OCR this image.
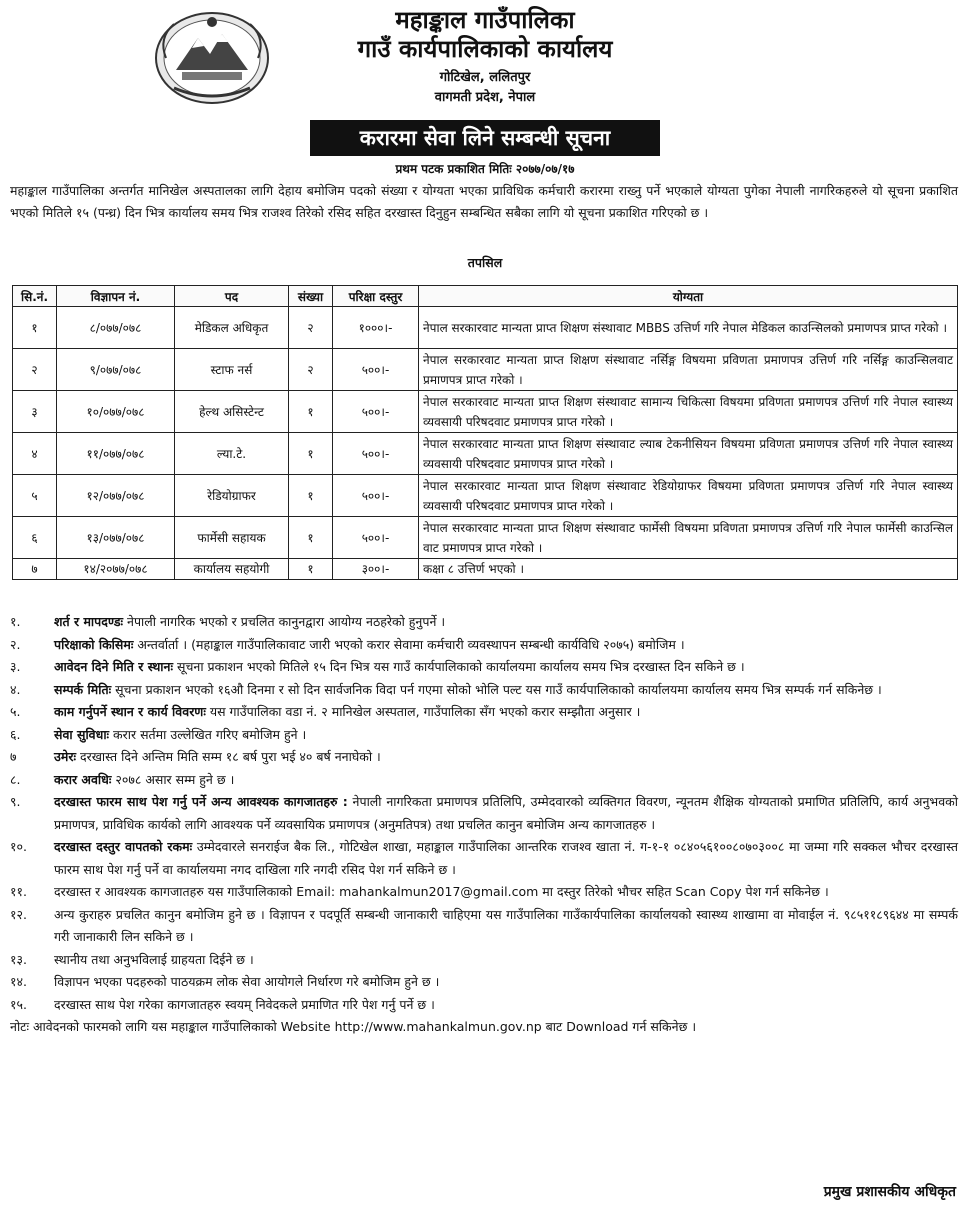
महाङ्काल गाउँपालिका
गाउँ कार्यपालिकाको कार्यालय
गोटिखेल, ललितपुर
वागमती प्रदेश, नेपाल
करारमा सेवा लिने सम्बन्धी सूचना
प्रथम पटक प्रकाशित मितिः २०७७/०७/१७
महाङ्काल गाउँपालिका अन्तर्गत मानिखेल अस्पतालका लागि देहाय बमोजिम पदको संख्या र योग्यता भएका प्राविधिक कर्मचारी करारमा राख्नु पर्ने भएकाले योग्यता पुगेका नेपाली नागरिकहरुले यो सूचना प्रकाशित भएको मितिले १५ (पन्ध्र) दिन भित्र कार्यालय समय भित्र राजश्व तिरेको रसिद सहित दरखास्त दिनुहुन सम्बन्धित सबैका लागि यो सूचना प्रकाशित गरिएको छ ।
तपसिल
सि.नं.	विज्ञापन नं.	पद	संख्या	परिक्षा दस्तुर	योग्यता
१	८/०७७/०७८	मेडिकल अधिकृत	२	१०००।-	नेपाल सरकारवाट मान्यता प्राप्त शिक्षण संस्थावाट MBBS उत्तिर्ण गरि नेपाल मेडिकल काउन्सिलको प्रमाणपत्र प्राप्त गरेको ।
२	९/०७७/०७८	स्टाफ नर्स	२	५००।-	नेपाल सरकारवाट मान्यता प्राप्त शिक्षण संस्थावाट नर्सिङ्ग विषयमा प्रविणता प्रमाणपत्र उत्तिर्ण गरि नर्सिङ्ग काउन्सिलवाट प्रमाणपत्र प्राप्त गरेको ।
३	१०/०७७/०७८	हेल्थ असिस्टेन्ट	१	५००।-	नेपाल सरकारवाट मान्यता प्राप्त शिक्षण संस्थावाट सामान्य चिकित्सा विषयमा प्रविणता प्रमाणपत्र उत्तिर्ण गरि नेपाल स्वास्थ्य व्यवसायी परिषदवाट प्रमाणपत्र प्राप्त गरेको ।
४	११/०७७/०७८	ल्या.टे.	१	५००।-	नेपाल सरकारवाट मान्यता प्राप्त शिक्षण संस्थावाट ल्याब टेकनीसियन विषयमा प्रविणता प्रमाणपत्र उत्तिर्ण गरि नेपाल स्वास्थ्य व्यवसायी परिषदवाट प्रमाणपत्र प्राप्त गरेको ।
५	१२/०७७/०७८	रेडियोग्राफर	१	५००।-	नेपाल सरकारवाट मान्यता प्राप्त शिक्षण संस्थावाट रेडियोग्राफर विषयमा प्रविणता प्रमाणपत्र उत्तिर्ण गरि नेपाल स्वास्थ्य व्यवसायी परिषदवाट प्रमाणपत्र प्राप्त गरेको ।
६	१३/०७७/०७८	फार्मेसी सहायक	१	५००।-	नेपाल सरकारवाट मान्यता प्राप्त शिक्षण संस्थावाट फार्मेसी विषयमा प्रविणता प्रमाणपत्र उत्तिर्ण गरि नेपाल फार्मेसी काउन्सिल वाट प्रमाणपत्र प्राप्त गरेको ।
७	१४/२०७७/०७८	कार्यालय सहयोगी	१	३००।-	कक्षा ८ उत्तिर्ण भएको ।
१.	शर्त र मापदण्डः नेपाली नागरिक भएको र प्रचलित कानुनद्वारा आयोग्य नठहरेको हुनुपर्ने ।
२.	परिक्षाको किसिमः अन्तर्वार्ता । (महाङ्काल गाउँपालिकावाट जारी भएको करार सेवामा कर्मचारी व्यवस्थापन सम्बन्धी कार्यविधि २०७५) बमोजिम ।
३.	आवेदन दिने मिति र स्थानः सूचना प्रकाशन भएको मितिले १५ दिन भित्र यस गाउँ कार्यपालिकाको कार्यालयमा कार्यालय समय भित्र दरखास्त दिन सकिने छ ।
४.	सम्पर्क मितिः सूचना प्रकाशन भएको १६औ दिनमा र सो दिन सार्वजनिक विदा पर्न गएमा सोको भोलि पल्ट यस गाउँ कार्यपालिकाको कार्यालयमा कार्यालय समय भित्र सम्पर्क गर्न सकिनेछ ।
५.	काम गर्नुपर्ने स्थान र कार्य विवरणः यस गाउँपालिका वडा नं. २ मानिखेल अस्पताल, गाउँपालिका सँग भएको करार सम्झौता अनुसार ।
६.	सेवा सुविधाः करार सर्तमा उल्लेखित गरिए बमोजिम हुने ।
७	उमेरः दरखास्त दिने अन्तिम मिति सम्म १८ बर्ष पुरा भई ४० बर्ष ननाघेको ।
८.	करार अवधिः २०७८ असार सम्म हुने छ ।
९.	दरखास्त फारम साथ पेश गर्नु पर्ने अन्य आवश्यक कागजातहरु : नेपाली नागरिकता प्रमाणपत्र प्रतिलिपि, उम्मेदवारको व्यक्तिगत विवरण, न्यूनतम शैक्षिक योग्यताको प्रमाणित प्रतिलिपि, कार्य अनुभवको प्रमाणपत्र, प्राविधिक कार्यको लागि आवश्यक पर्ने व्यवसायिक प्रमाणपत्र (अनुमतिपत्र) तथा प्रचलित कानुन बमोजिम अन्य कागजातहरु ।
१०.	दरखास्त दस्तुर वापतको रकमः उम्मेदवारले सनराईज बैक लि., गोटिखेल शाखा, महाङ्काल गाउँपालिका आन्तरिक राजश्व खाता नं. ग-१-१ ०८४०५६१००८०७०३००८ मा जम्मा गरि सक्कल भौचर दरखास्त फारम साथ पेश गर्नु पर्ने वा कार्यालयमा नगद दाखिला गरि नगदी रसिद पेश गर्न सकिने छ ।
११.	दरखास्त र आवश्यक कागजातहरु यस गाउँपालिकाको Email: mahankalmun2017@gmail.com मा दस्तुर तिरेको भौचर सहित Scan Copy पेश गर्न सकिनेछ ।
१२.	अन्य कुराहरु प्रचलित कानुन बमोजिम हुने छ । विज्ञापन र पदपूर्ति सम्बन्धी जानाकारी चाहिएमा यस गाउँपालिका गाउँकार्यपालिका कार्यालयको स्वास्थ्य शाखामा वा मोवाईल नं. ९८५११८९६४४ मा सम्पर्क गरी जानाकारी लिन सकिने छ ।
१३.	स्थानीय तथा अनुभविलाई ग्राहयता दिईने छ ।
१४.	विज्ञापन भएका पदहरुको पाठयक्रम लोक सेवा आयोगले निर्धारण गरे बमोजिम हुने छ ।
१५.	दरखास्त साथ पेश गरेका कागजातहरु स्वयम् निवेदकले प्रमाणित गरि पेश गर्नु पर्ने छ ।
नोटः आवेदनको फारमको लागि यस महाङ्काल गाउँपालिकाको Website http://www.mahankalmun.gov.np बाट Download गर्न सकिनेछ ।
प्रमुख प्रशासकीय अधिकृत
